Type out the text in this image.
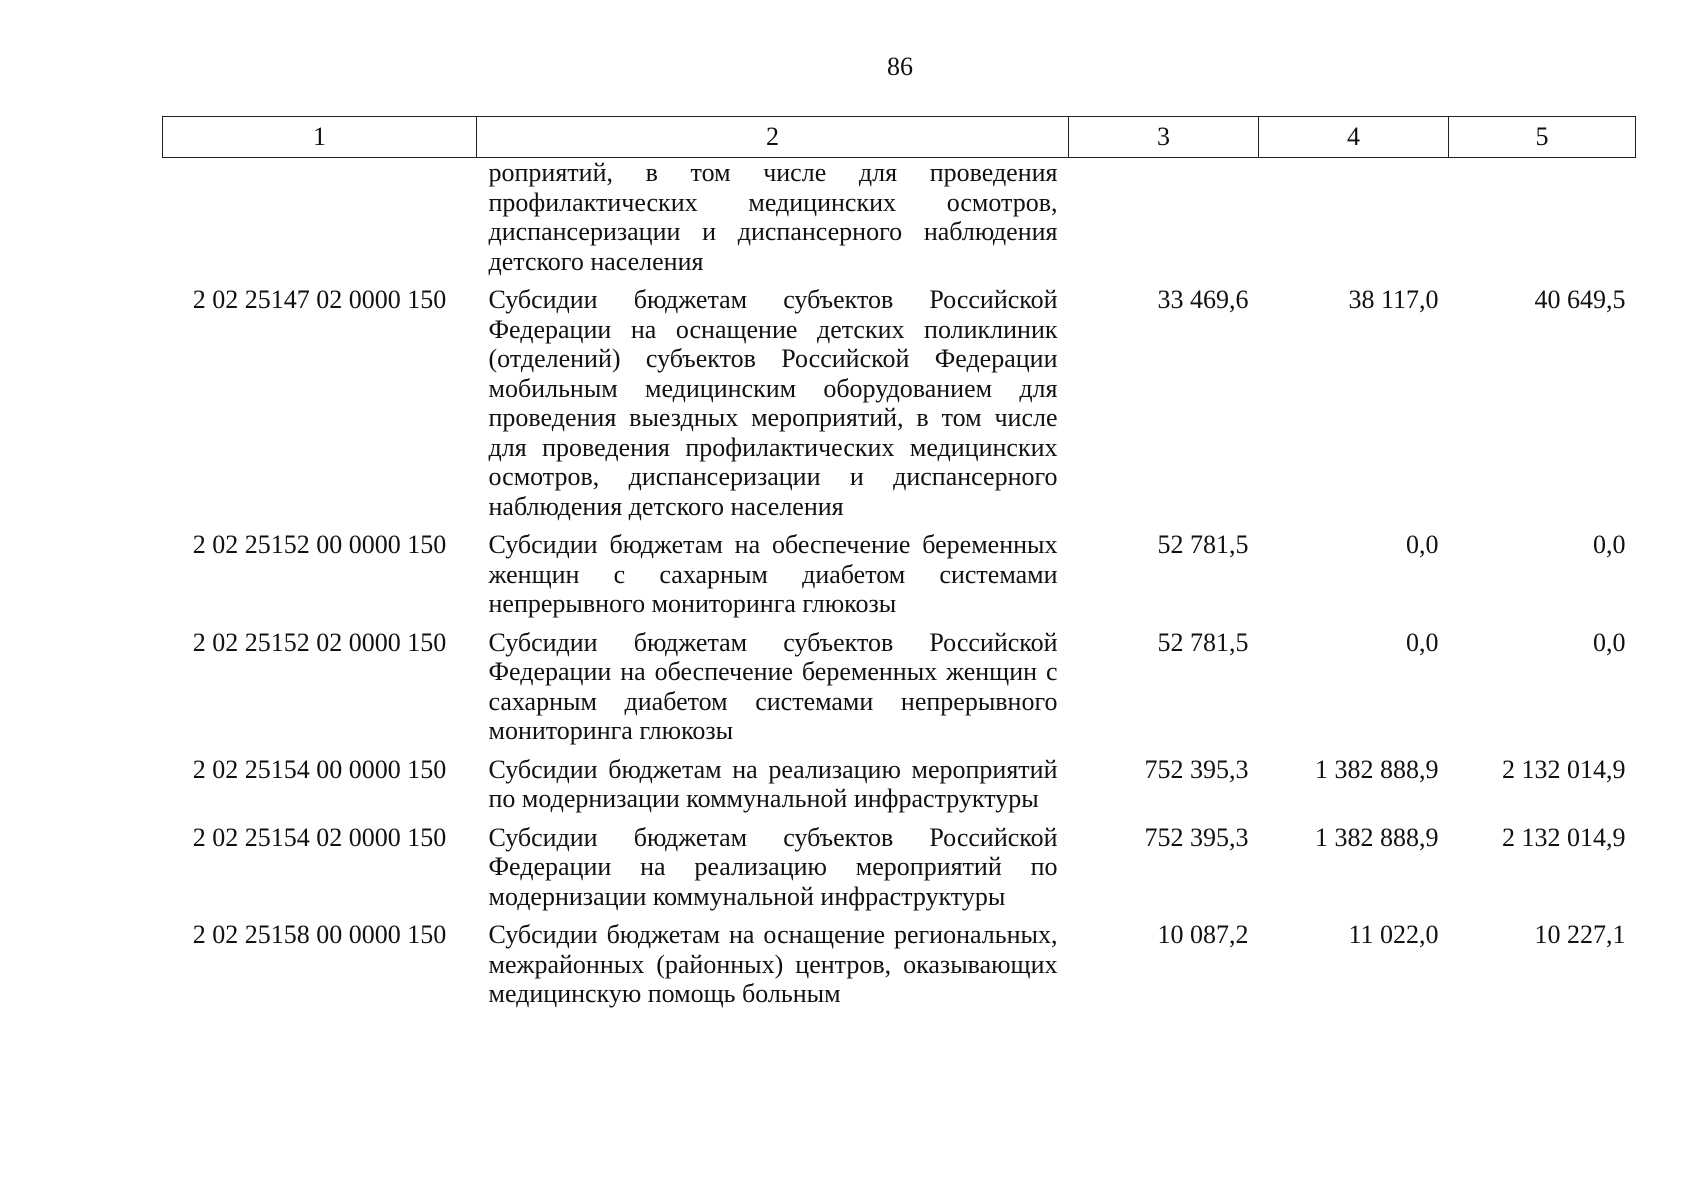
86
1	2	3	4	5
	роприятий, в том числе для проведения профилактических медицинских осмотров, диспансеризации и диспансерного наблюдения детского населения			
2 02 25147 02 0000 150	Субсидии бюджетам субъектов Российской Федерации на оснащение детских поликлиник (отделений) субъектов Российской Федерации мобильным медицинским оборудованием для проведения выездных мероприятий, в том числе для проведения профилактических медицинских осмотров, диспансеризации и диспансерного наблюдения детского населения	33 469,6	38 117,0	40 649,5
2 02 25152 00 0000 150	Субсидии бюджетам на обеспечение беременных женщин с сахарным диабетом системами непрерывного мониторинга глюкозы	52 781,5	0,0	0,0
2 02 25152 02 0000 150	Субсидии бюджетам субъектов Российской Федерации на обеспечение беременных женщин с сахарным диабетом системами непрерывного мониторинга глюкозы	52 781,5	0,0	0,0
2 02 25154 00 0000 150	Субсидии бюджетам на реализацию мероприятий по модернизации коммунальной инфраструктуры	752 395,3	1 382 888,9	2 132 014,9
2 02 25154 02 0000 150	Субсидии бюджетам субъектов Российской Федерации на реализацию мероприятий по модернизации коммунальной инфраструктуры	752 395,3	1 382 888,9	2 132 014,9
2 02 25158 00 0000 150	Субсидии бюджетам на оснащение региональных, межрайонных (районных) центров, оказывающих медицинскую помощь больным	10 087,2	11 022,0	10 227,1
